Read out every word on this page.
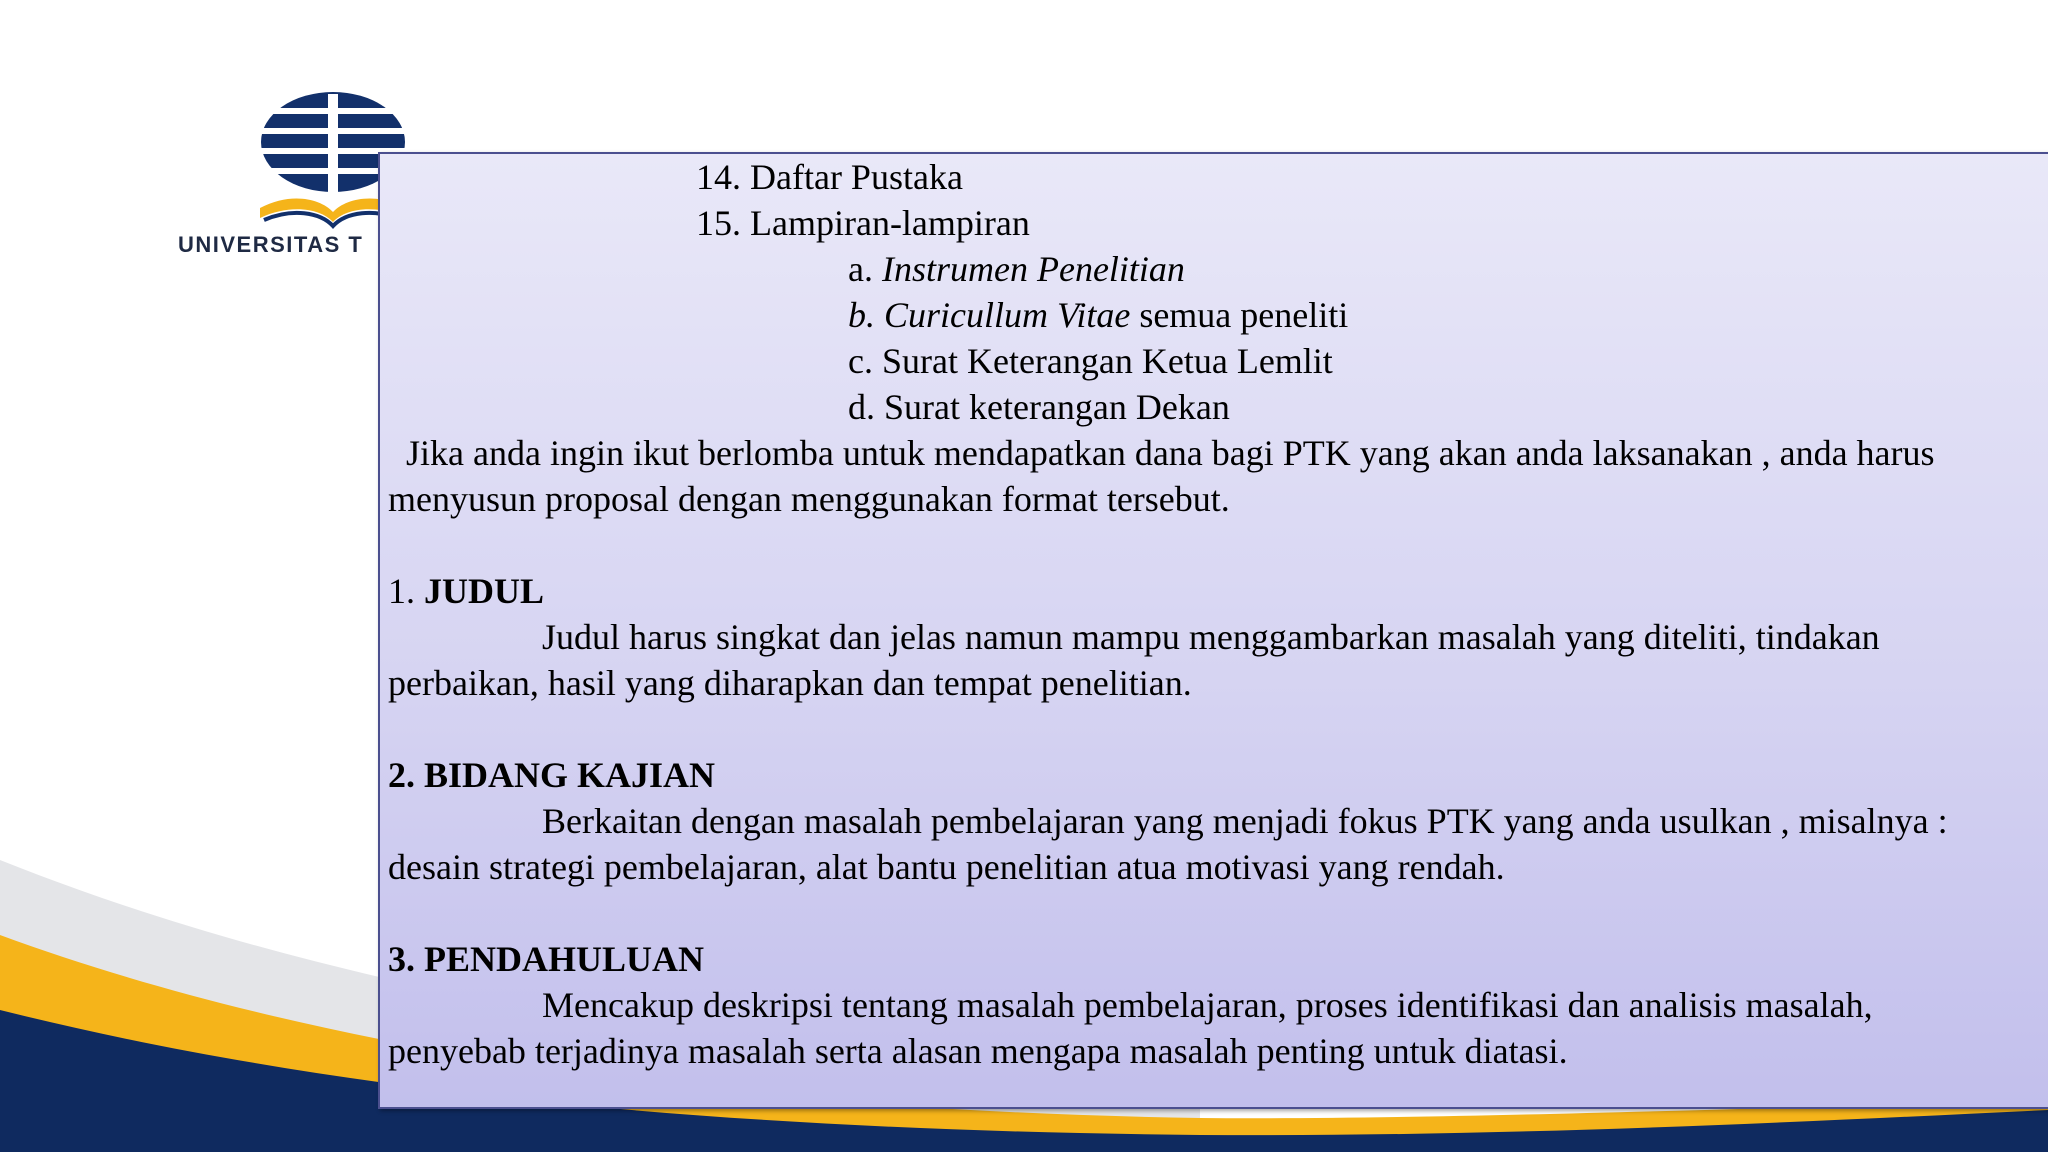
UNIVERSITAS T
14. Daftar Pustaka
15. Lampiran-lampiran
a. Instrumen Penelitian
b. Curicullum Vitae semua peneliti
c. Surat Keterangan Ketua Lemlit
d. Surat keterangan Dekan
Jika anda ingin ikut berlomba untuk mendapatkan dana bagi PTK yang akan anda laksanakan , anda harus
menyusun proposal dengan menggunakan format tersebut.
1. JUDUL
Judul harus singkat dan jelas namun mampu menggambarkan masalah yang diteliti, tindakan
perbaikan, hasil yang diharapkan dan tempat penelitian.
2. BIDANG KAJIAN
Berkaitan dengan masalah pembelajaran yang menjadi fokus PTK yang anda usulkan , misalnya :
desain strategi pembelajaran, alat bantu penelitian atua motivasi yang rendah.
3. PENDAHULUAN
Mencakup deskripsi tentang masalah pembelajaran, proses identifikasi dan analisis masalah,
penyebab terjadinya masalah serta alasan mengapa masalah penting untuk diatasi.
